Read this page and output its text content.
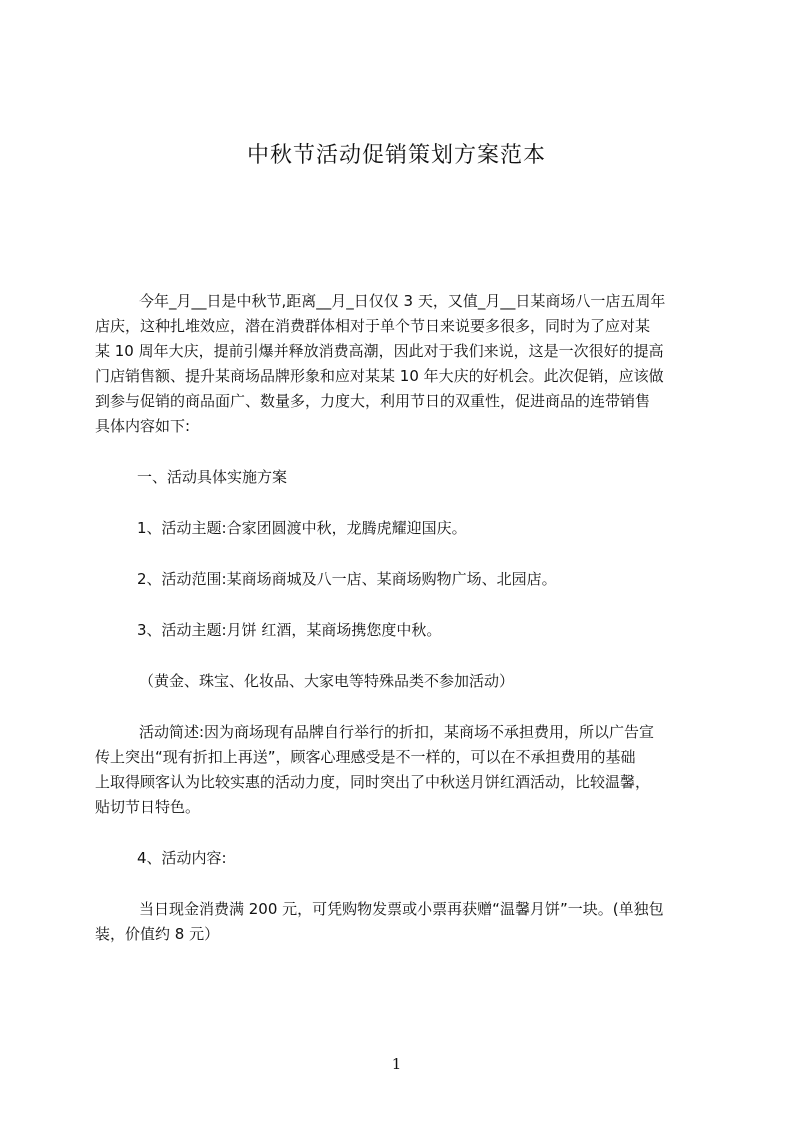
中秋节活动促销策划方案范本
今年_月__日是中秋节,距离__月_日仅仅 3 天，又值_月__日某商场八一店五周年
店庆，这种扎堆效应，潜在消费群体相对于单个节日来说要多很多，同时为了应对某
某 10 周年大庆，提前引爆并释放消费高潮，因此对于我们来说，这是一次很好的提高
门店销售额、提升某商场品牌形象和应对某某 10 年大庆的好机会。此次促销，应该做
到参与促销的商品面广、数量多，力度大，利用节日的双重性，促进商品的连带销售
具体内容如下:
一、活动具体实施方案
1、活动主题:合家团圆渡中秋，龙腾虎耀迎国庆。
2、活动范围:某商场商城及八一店、某商场购物广场、北园店。
3、活动主题:月饼 红酒，某商场携您度中秋。
（黄金、珠宝、化妆品、大家电等特殊品类不参加活动）
活动简述:因为商场现有品牌自行举行的折扣，某商场不承担费用，所以广告宣
传上突出“现有折扣上再送”，顾客心理感受是不一样的，可以在不承担费用的基础
上取得顾客认为比较实惠的活动力度，同时突出了中秋送月饼红酒活动，比较温馨，
贴切节日特色。
4、活动内容:
当日现金消费满 200 元，可凭购物发票或小票再获赠“温馨月饼”一块。(单独包
装，价值约 8 元）
1
